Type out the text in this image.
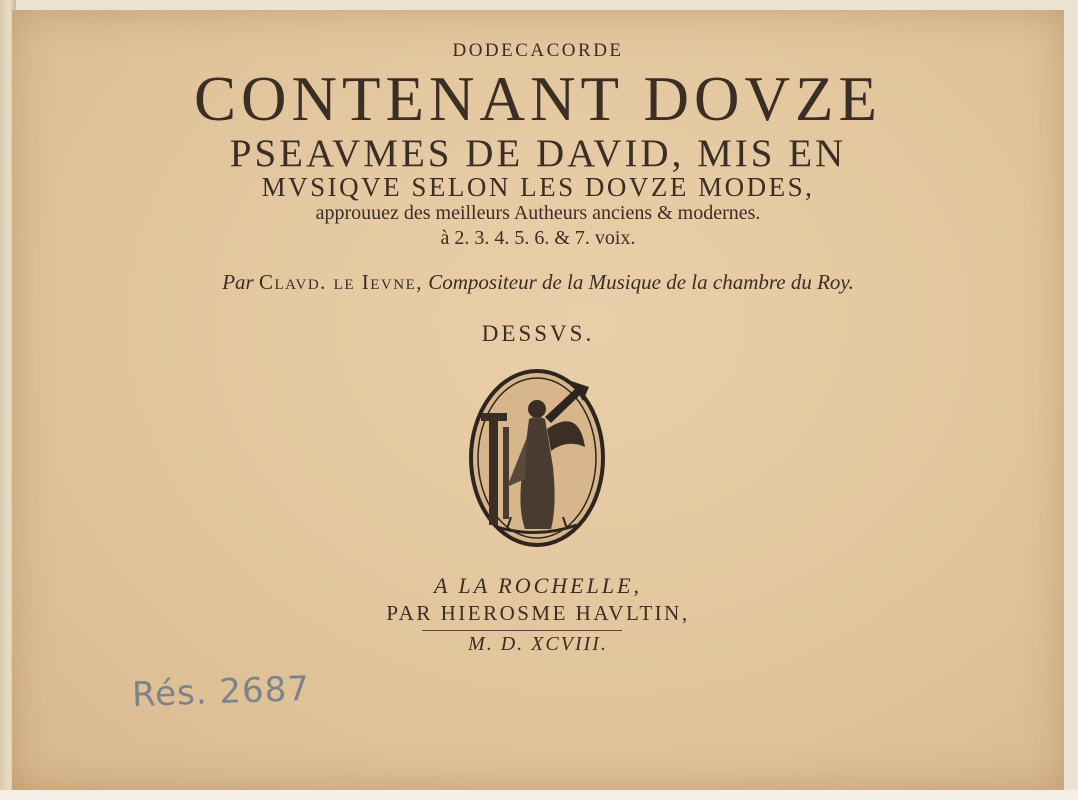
DODECACORDE
CONTENANT DOVZE
PSEAVMES DE DAVID, MIS EN
MVSIQVE SELON LES DOVZE MODES,
approuuez des meilleurs Autheurs anciens & modernes.
à 2. 3. 4. 5. 6. & 7. voix.
Par Clavd. le Ievne, Compositeur de la Musique de la chambre du Roy.
DESSVS.
A LA ROCHELLE,
PAR HIEROSME HAVLTIN,
M. D. XCVIII.
Rés. 2687
